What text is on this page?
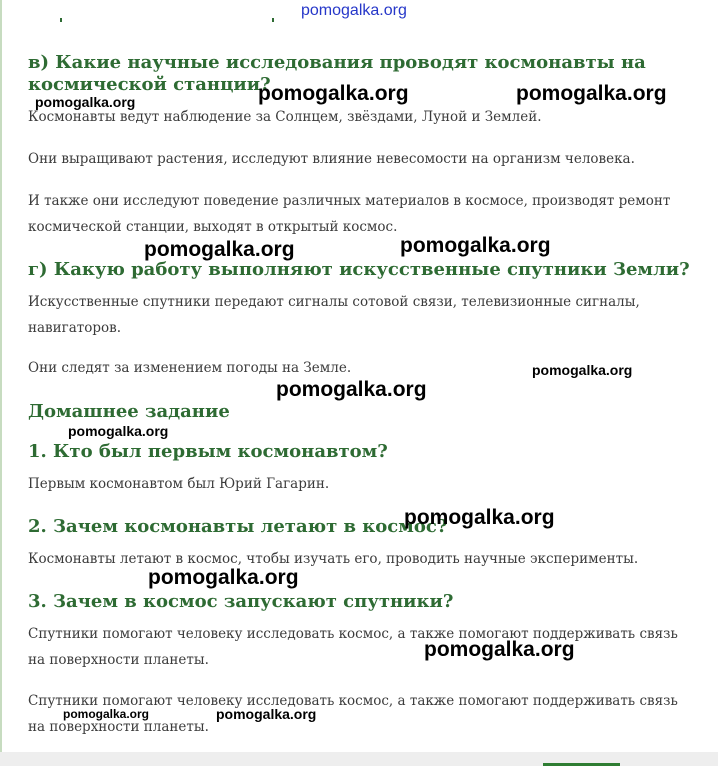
pomogalka.org
в) Какие научные исследования проводят космонавты на космической станции?

Космонавты ведут наблюдение за Солнцем, звёздами, Луной и Землей.

Они выращивают растения, исследуют влияние невесомости на организм человека.

И также они исследуют поведение различных материалов в космосе, производят ремонт космической станции, выходят в открытый космос.

г) Какую работу выполняют искусственные спутники Земли?

Искусственные спутники передают сигналы сотовой связи, телевизионные сигналы, навигаторов.

Они следят за изменением погоды на Земле.

Домашнее задание
1. Кто был первым космонавтом?

Первым космонавтом был Юрий Гагарин.

2. Зачем космонавты летают в космос?

Космонавты летают в космос, чтобы изучать его, проводить научные эксперименты.

3. Зачем в космос запускают спутники?

Спутники помогают человеку исследовать космос, а также помогают поддерживать связь на поверхности планеты.

Спутники помогают человеку исследовать космос, а также помогают поддерживать связь на поверхности планеты.

pomogalka.org	pomogalka.org	pomogalka.org
pomogalka.org	pomogalka.org
pomogalka.org
pomogalka.org
pomogalka.org
pomogalka.org
pomogalka.org
pomogalka.org
pomogalka.org	pomogalka.org
